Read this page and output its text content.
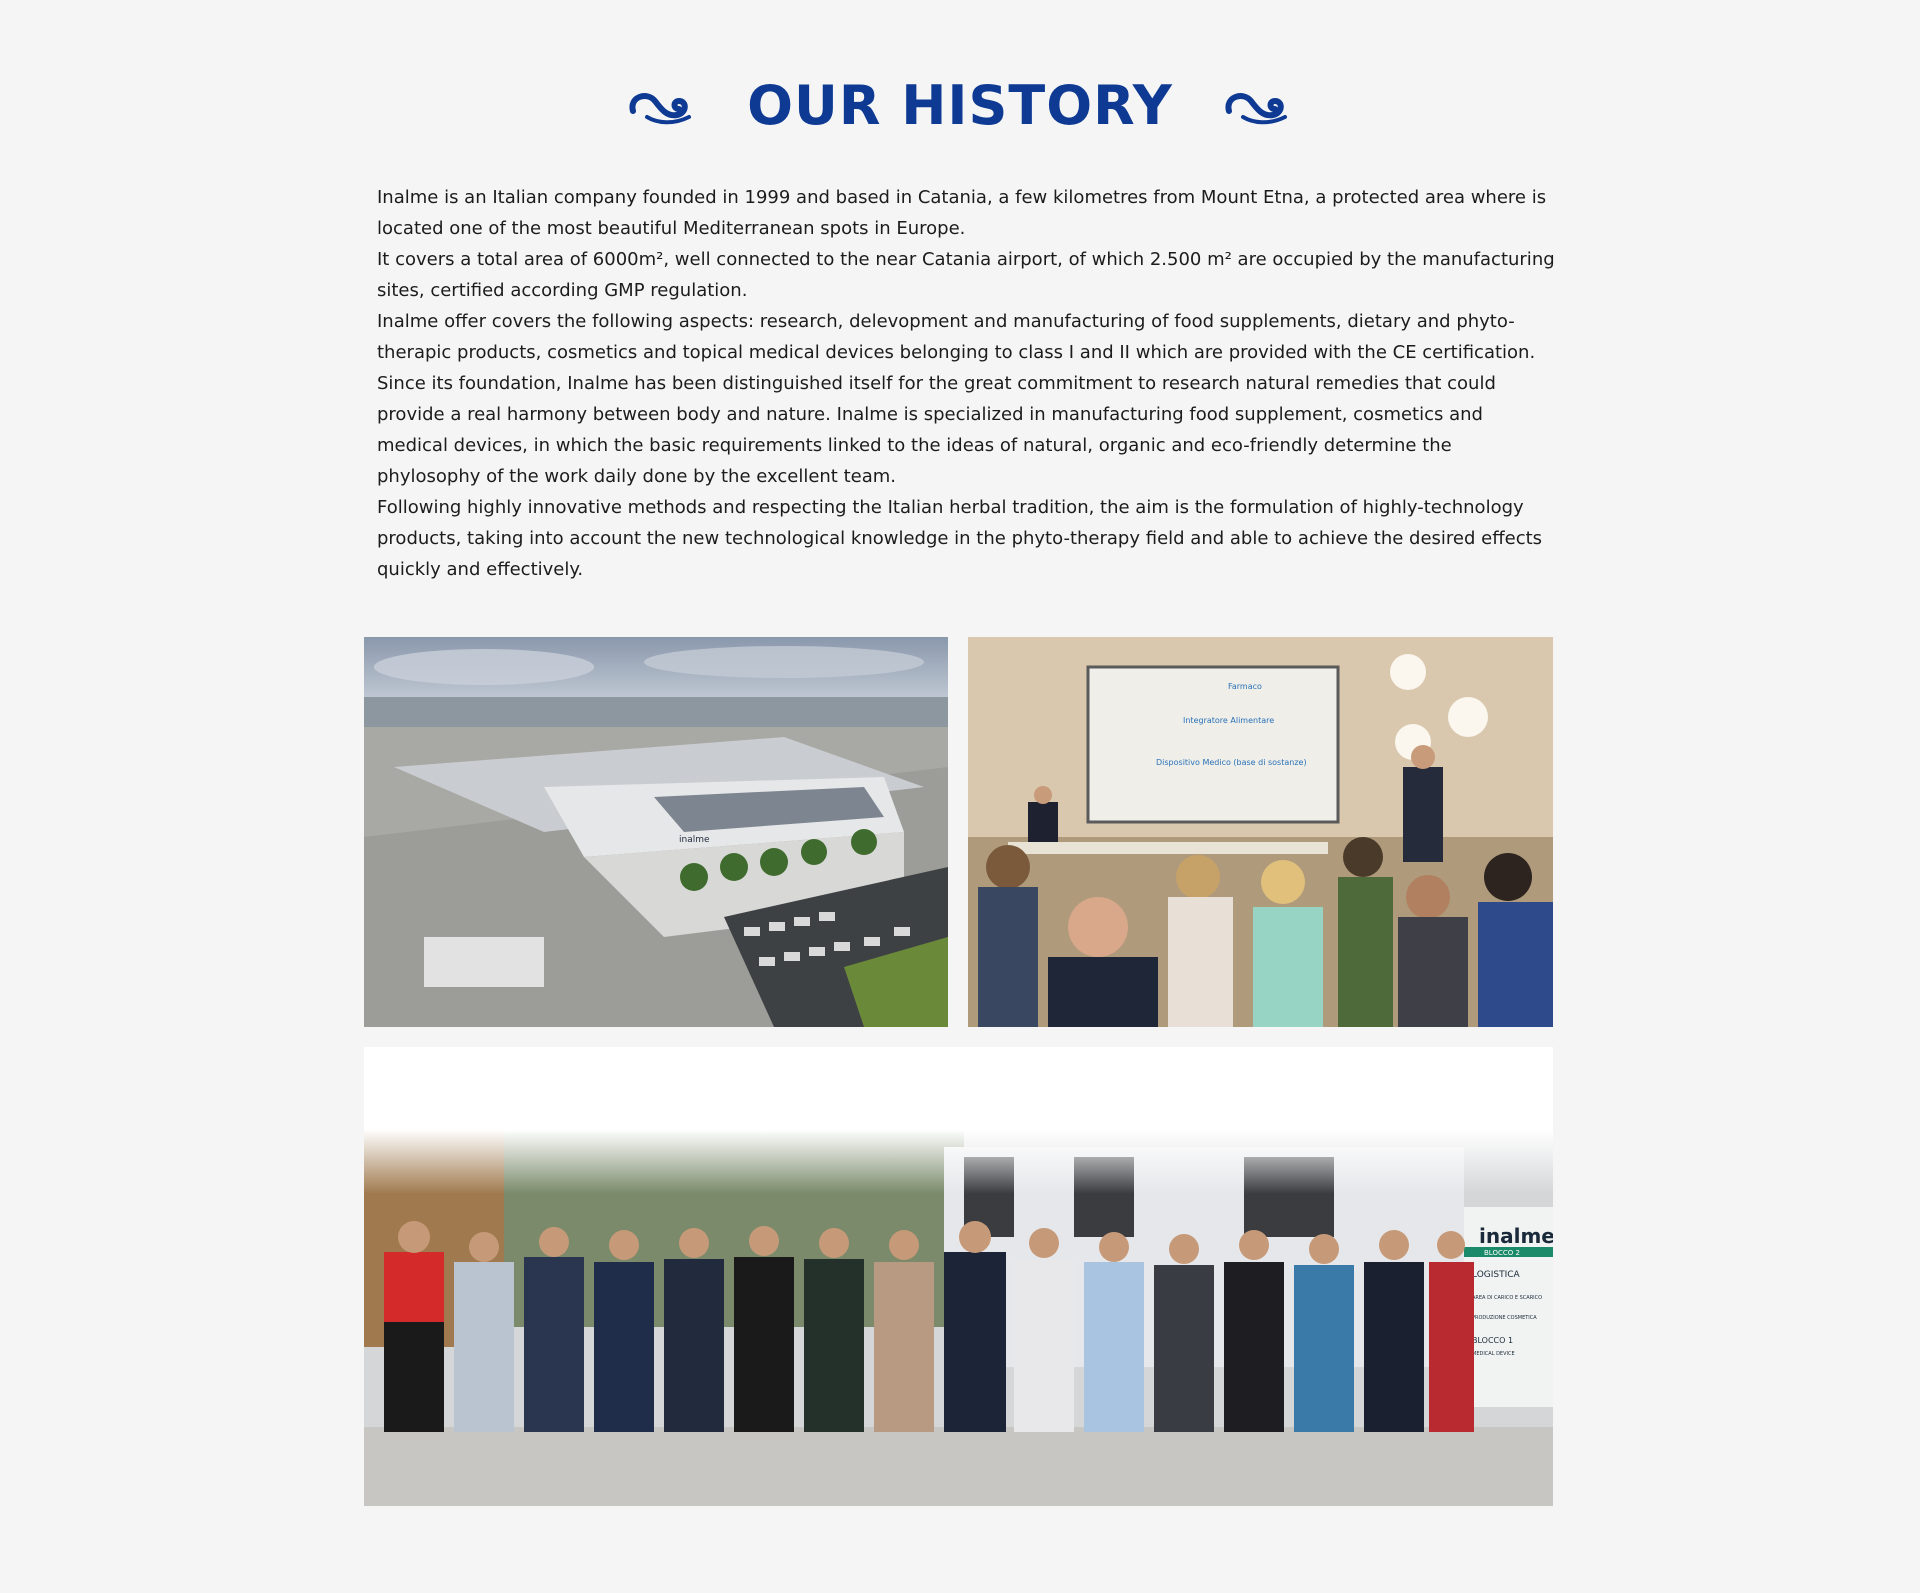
OUR HISTORY

Inalme is an Italian company founded in 1999 and based in Catania, a few kilometres from Mount Etna, a protected area where is located one of the most beautiful Mediterranean spots in Europe.

It covers a total area of 6000m², well connected to the near Catania airport, of which 2.500 m² are occupied by the manufacturing sites, certified according GMP regulation.

Inalme offer covers the following aspects: research, delevopment and manufacturing of food supplements, dietary and phyto-therapic products, cosmetics and topical medical devices belonging to class I and II which are provided with the CE certification.

Since its foundation, Inalme has been distinguished itself for the great commitment to research natural remedies that could provide a real harmony between body and nature. Inalme is specialized in manufacturing food supplement, cosmetics and medical devices, in which the basic requirements linked to the ideas of natural, organic and eco-friendly determine the phylosophy of the work daily done by the excellent team.

Following highly innovative methods and respecting the Italian herbal tradition, the aim is the formulation of highly-technology products, taking into account the new technological knowledge in the phyto-therapy field and able to achieve the desired effects quickly and effectively.

inalme
Farmaco
Integratore Alimentare
Dispositivo Medico (base di sostanze)
